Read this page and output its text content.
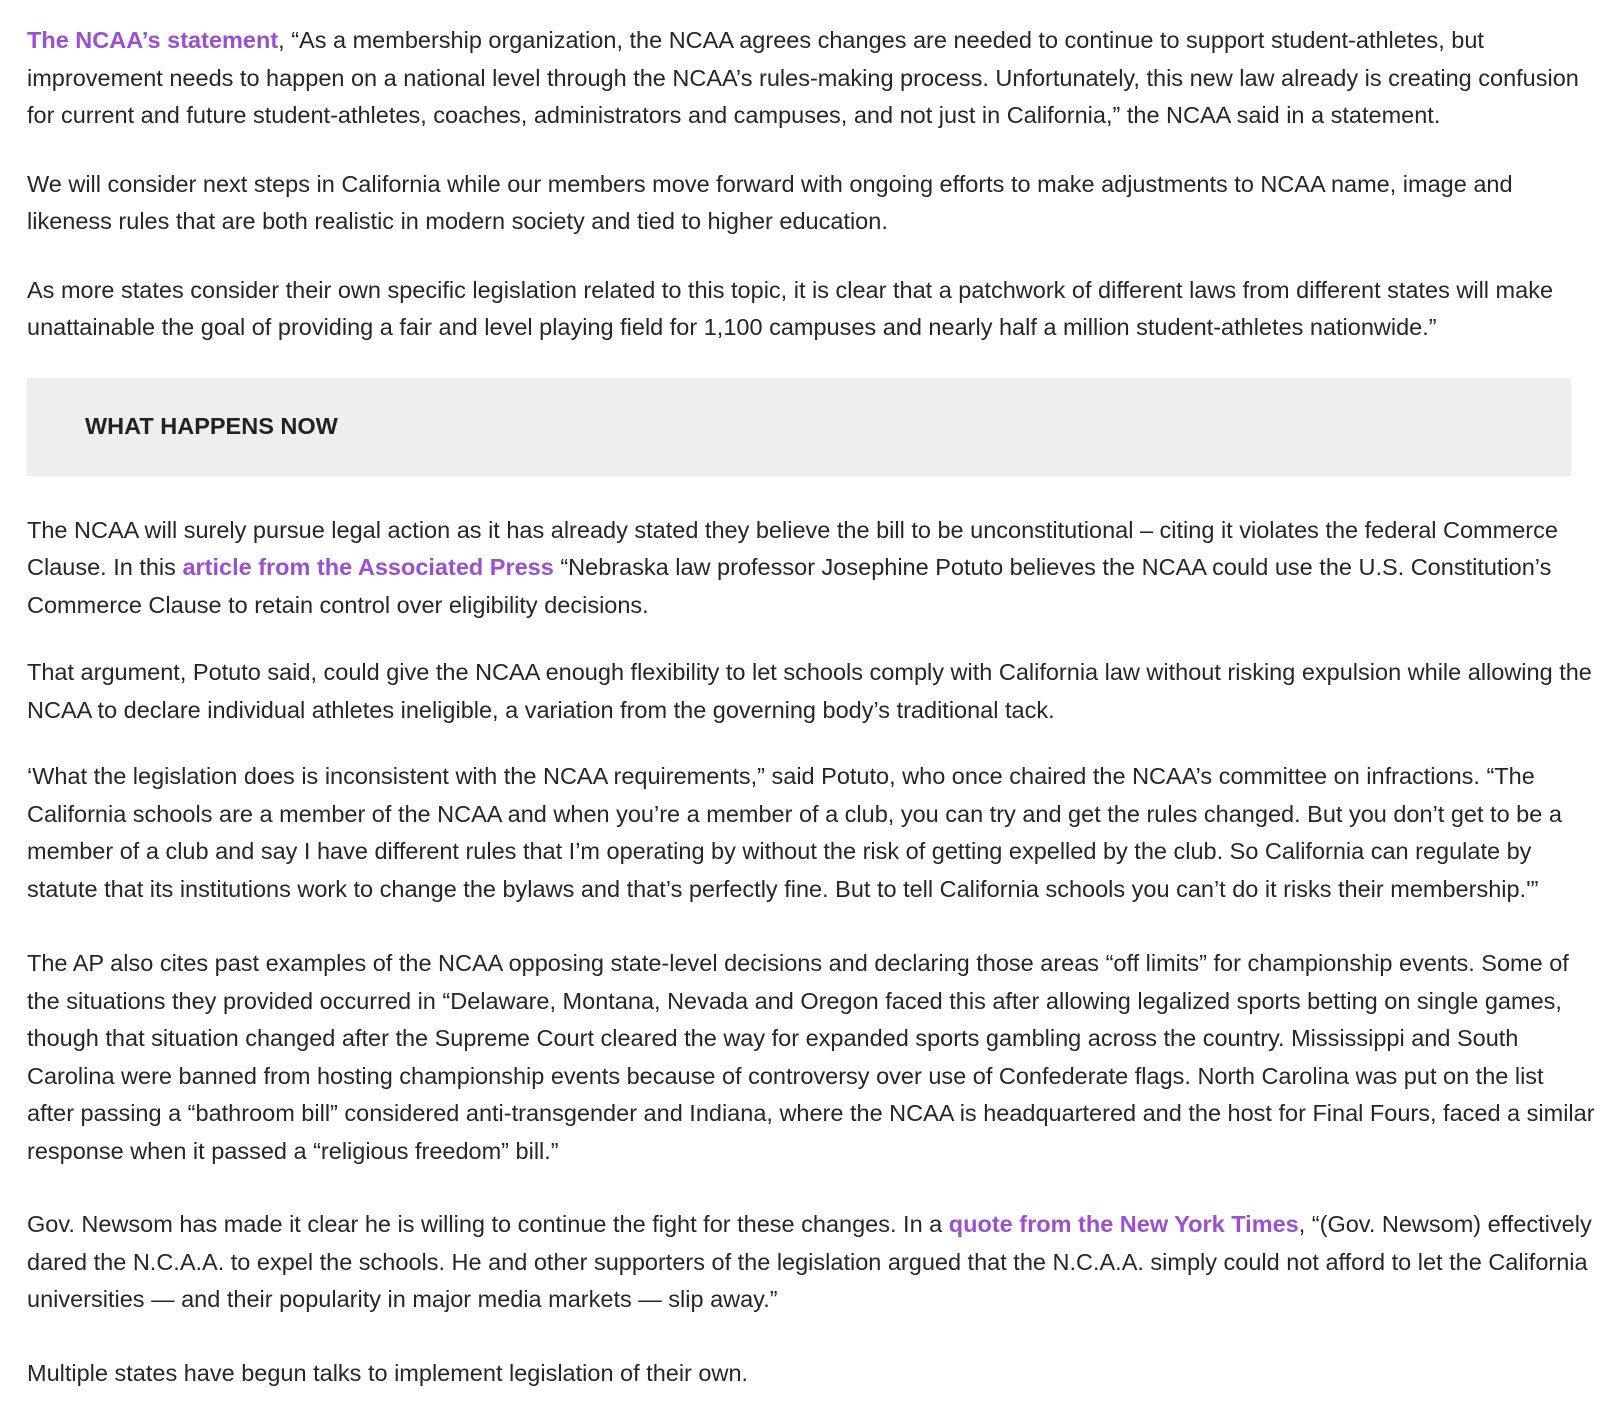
The NCAA’s statement, “As a membership organization, the NCAA agrees changes are needed to continue to support student-athletes, but improvement needs to happen on a national level through the NCAA’s rules-making process. Unfortunately, this new law already is creating confusion for current and future student-athletes, coaches, administrators and campuses, and not just in California,” the NCAA said in a statement.

We will consider next steps in California while our members move forward with ongoing efforts to make adjustments to NCAA name, image and likeness rules that are both realistic in modern society and tied to higher education.

As more states consider their own specific legislation related to this topic, it is clear that a patchwork of different laws from different states will make unattainable the goal of providing a fair and level playing field for 1,100 campuses and nearly half a million student-athletes nationwide.”

WHAT HAPPENS NOW

The NCAA will surely pursue legal action as it has already stated they believe the bill to be unconstitutional – citing it violates the federal Commerce Clause. In this article from the Associated Press “Nebraska law professor Josephine Potuto believes the NCAA could use the U.S. Constitution’s Commerce Clause to retain control over eligibility decisions.

That argument, Potuto said, could give the NCAA enough flexibility to let schools comply with California law without risking expulsion while allowing the NCAA to declare individual athletes ineligible, a variation from the governing body’s traditional tack.

‘What the legislation does is inconsistent with the NCAA requirements,” said Potuto, who once chaired the NCAA’s committee on infractions. “The California schools are a member of the NCAA and when you’re a member of a club, you can try and get the rules changed. But you don’t get to be a member of a club and say I have different rules that I’m operating by without the risk of getting expelled by the club. So California can regulate by statute that its institutions work to change the bylaws and that’s perfectly fine. But to tell California schools you can’t do it risks their membership.'”

The AP also cites past examples of the NCAA opposing state-level decisions and declaring those areas “off limits” for championship events. Some of the situations they provided occurred in “Delaware, Montana, Nevada and Oregon faced this after allowing legalized sports betting on single games, though that situation changed after the Supreme Court cleared the way for expanded sports gambling across the country. Mississippi and South Carolina were banned from hosting championship events because of controversy over use of Confederate flags. North Carolina was put on the list after passing a “bathroom bill” considered anti-transgender and Indiana, where the NCAA is headquartered and the host for Final Fours, faced a similar response when it passed a “religious freedom” bill.”

Gov. Newsom has made it clear he is willing to continue the fight for these changes. In a quote from the New York Times, “(Gov. Newsom) effectively dared the N.C.A.A. to expel the schools. He and other supporters of the legislation argued that the N.C.A.A. simply could not afford to let the California universities — and their popularity in major media markets — slip away.”

Multiple states have begun talks to implement legislation of their own.
